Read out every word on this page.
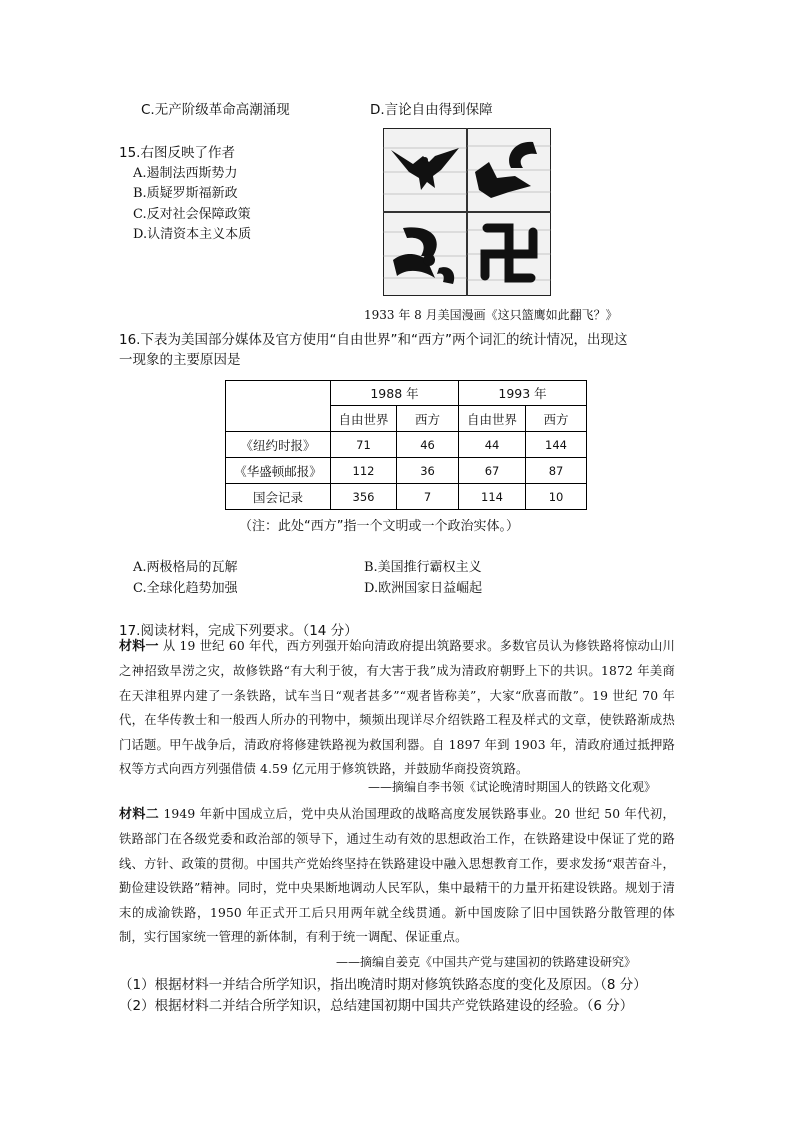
C.无产阶级革命高潮涌现	D.言论自由得到保障
15.右图反映了作者
A.遏制法西斯势力
B.质疑罗斯福新政
C.反对社会保障政策
D.认清资本主义本质
1933 年 8 月美国漫画《这只篮鹰如此翻飞？》
16.下表为美国部分媒体及官方使用“自由世界”和“西方”两个词汇的统计情况，出现这
一现象的主要原因是
	1988 年		1993 年	
	自由世界	西方	自由世界	西方
《纽约时报》	71	46	44	144
《华盛顿邮报》	112	36	67	87
国会记录	356	7	114	10
（注：此处“西方”指一个文明或一个政治实体。）
A.两极格局的瓦解	B.美国推行霸权主义
C.全球化趋势加强	D.欧洲国家日益崛起
17.阅读材料，完成下列要求。（14 分）
材料一 从 19 世纪 60 年代，西方列强开始向清政府提出筑路要求。多数官员认为修铁路将惊动山川之神招致旱涝之灾，故修铁路“有大利于彼，有大害于我”成为清政府朝野上下的共识。1872 年美商在天津租界内建了一条铁路，试车当日“观者甚多”“观者皆称美”，大家“欣喜而散”。19 世纪 70 年代，在华传教士和一般西人所办的刊物中，频频出现详尽介绍铁路工程及样式的文章，使铁路渐成热门话题。甲午战争后，清政府将修建铁路视为救国利器。自 1897 年到 1903 年，清政府通过抵押路权等方式向西方列强借债 4.59 亿元用于修筑铁路，并鼓励华商投资筑路。
——摘编自李书领《试论晚清时期国人的铁路文化观》
材料二 1949 年新中国成立后，党中央从治国理政的战略高度发展铁路事业。20 世纪 50 年代初，铁路部门在各级党委和政治部的领导下，通过生动有效的思想政治工作，在铁路建设中保证了党的路线、方针、政策的贯彻。中国共产党始终坚持在铁路建设中融入思想教育工作，要求发扬“艰苦奋斗，勤俭建设铁路”精神。同时，党中央果断地调动人民军队，集中最精干的力量开拓建设铁路。规划于清末的成渝铁路，1950 年正式开工后只用两年就全线贯通。新中国废除了旧中国铁路分散管理的体制，实行国家统一管理的新体制，有利于统一调配、保证重点。
——摘编自姜克《中国共产党与建国初的铁路建设研究》
（1）根据材料一并结合所学知识，指出晚清时期对修筑铁路态度的变化及原因。（8 分）
（2）根据材料二并结合所学知识，总结建国初期中国共产党铁路建设的经验。（6 分）
